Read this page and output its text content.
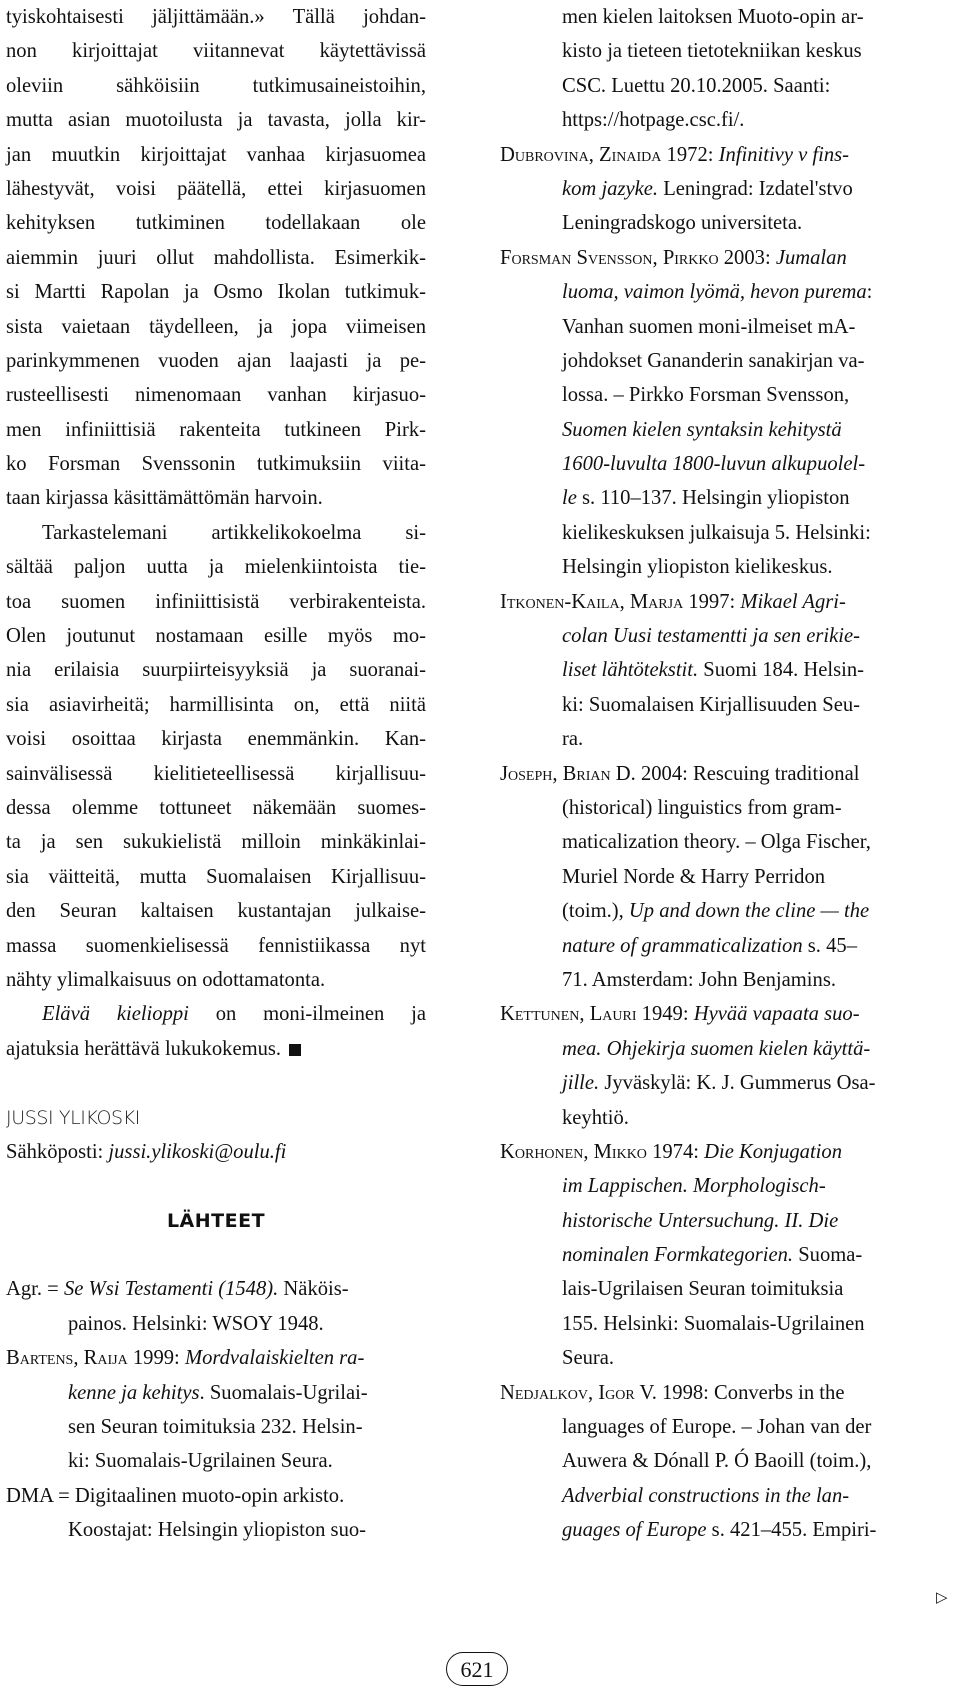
tyiskohtaisesti jäljittämään.» Tällä johdan-
non kirjoittajat viitannevat käytettävissä
oleviin sähköisiin tutkimusaineistoihin,
mutta asian muotoilusta ja tavasta, jolla kir-
jan muutkin kirjoittajat vanhaa kirjasuomea
lähestyvät, voisi päätellä, ettei kirjasuomen
kehityksen tutkiminen todellakaan ole
aiemmin juuri ollut mahdollista. Esimerkik-
si Martti Rapolan ja Osmo Ikolan tutkimuk-
sista vaietaan täydelleen, ja jopa viimeisen
parinkymmenen vuoden ajan laajasti ja pe-
rusteellisesti nimenomaan vanhan kirjasuo-
men infiniittisiä rakenteita tutkineen Pirk-
ko Forsman Svenssonin tutkimuksiin viita-
taan kirjassa käsittämättömän harvoin.
Tarkastelemani artikkelikokoelma si-
sältää paljon uutta ja mielenkiintoista tie-
toa suomen infiniittisistä verbirakenteista.
Olen joutunut nostamaan esille myös mo-
nia erilaisia suurpiirteisyyksiä ja suoranai-
sia asiavirheitä; harmillisinta on, että niitä
voisi osoittaa kirjasta enemmänkin. Kan-
sainvälisessä kielitieteellisessä kirjallisuu-
dessa olemme tottuneet näkemään suomes-
ta ja sen sukukielistä milloin minkäkinlai-
sia väitteitä, mutta Suomalaisen Kirjallisuu-
den Seuran kaltaisen kustantajan julkaise-
massa suomenkielisessä fennistiikassa nyt
nähty ylimalkaisuus on odottamatonta.
Elävä kielioppi on moni-ilmeinen ja
ajatuksia herättävä lukukokemus.
JUSSI YLIKOSKI
Sähköposti: jussi.ylikoski@oulu.fi
LÄHTEET
Agr. = Se Wsi Testamenti (1548). Näköis-
painos. Helsinki: WSOY 1948.
Bartens, Raija 1999: Mordvalaiskielten ra-
kenne ja kehitys. Suomalais-Ugrilai-
sen Seuran toimituksia 232. Helsin-
ki: Suomalais-Ugrilainen Seura.
DMA = Digitaalinen muoto-opin arkisto.
Koostajat: Helsingin yliopiston suo-
men kielen laitoksen Muoto-opin ar-
kisto ja tieteen tietotekniikan keskus
CSC. Luettu 20.10.2005. Saanti:
https://hotpage.csc.fi/.
Dubrovina, Zinaida 1972: Infinitivy v fins-
kom jazyke. Leningrad: Izdatel'stvo
Leningradskogo universiteta.
Forsman Svensson, Pirkko 2003: Jumalan
luoma, vaimon lyömä, hevon purema:
Vanhan suomen moni-ilmeiset mA-
johdokset Gananderin sanakirjan va-
lossa. – Pirkko Forsman Svensson,
Suomen kielen syntaksin kehitystä
1600-luvulta 1800-luvun alkupuolel-
le s. 110–137. Helsingin yliopiston
kielikeskuksen julkaisuja 5. Helsinki:
Helsingin yliopiston kielikeskus.
Itkonen-Kaila, Marja 1997: Mikael Agri-
colan Uusi testamentti ja sen erikie-
liset lähtötekstit. Suomi 184. Helsin-
ki: Suomalaisen Kirjallisuuden Seu-
ra.
Joseph, Brian D. 2004: Rescuing traditional
(historical) linguistics from gram-
maticalization theory. – Olga Fischer,
Muriel Norde & Harry Perridon
(toim.), Up and down the cline — the
nature of grammaticalization s. 45–
71. Amsterdam: John Benjamins.
Kettunen, Lauri 1949: Hyvää vapaata suo-
mea. Ohjekirja suomen kielen käyttä-
jille. Jyväskylä: K. J. Gummerus Osa-
keyhtiö.
Korhonen, Mikko 1974: Die Konjugation
im Lappischen. Morphologisch-
historische Untersuchung. II. Die
nominalen Formkategorien. Suoma-
lais-Ugrilaisen Seuran toimituksia
155. Helsinki: Suomalais-Ugrilainen
Seura.
Nedjalkov, Igor V. 1998: Converbs in the
languages of Europe. – Johan van der
Auwera & Dónall P. Ó Baoill (toim.),
Adverbial constructions in the lan-
guages of Europe s. 421–455. Empiri-
▷
621
